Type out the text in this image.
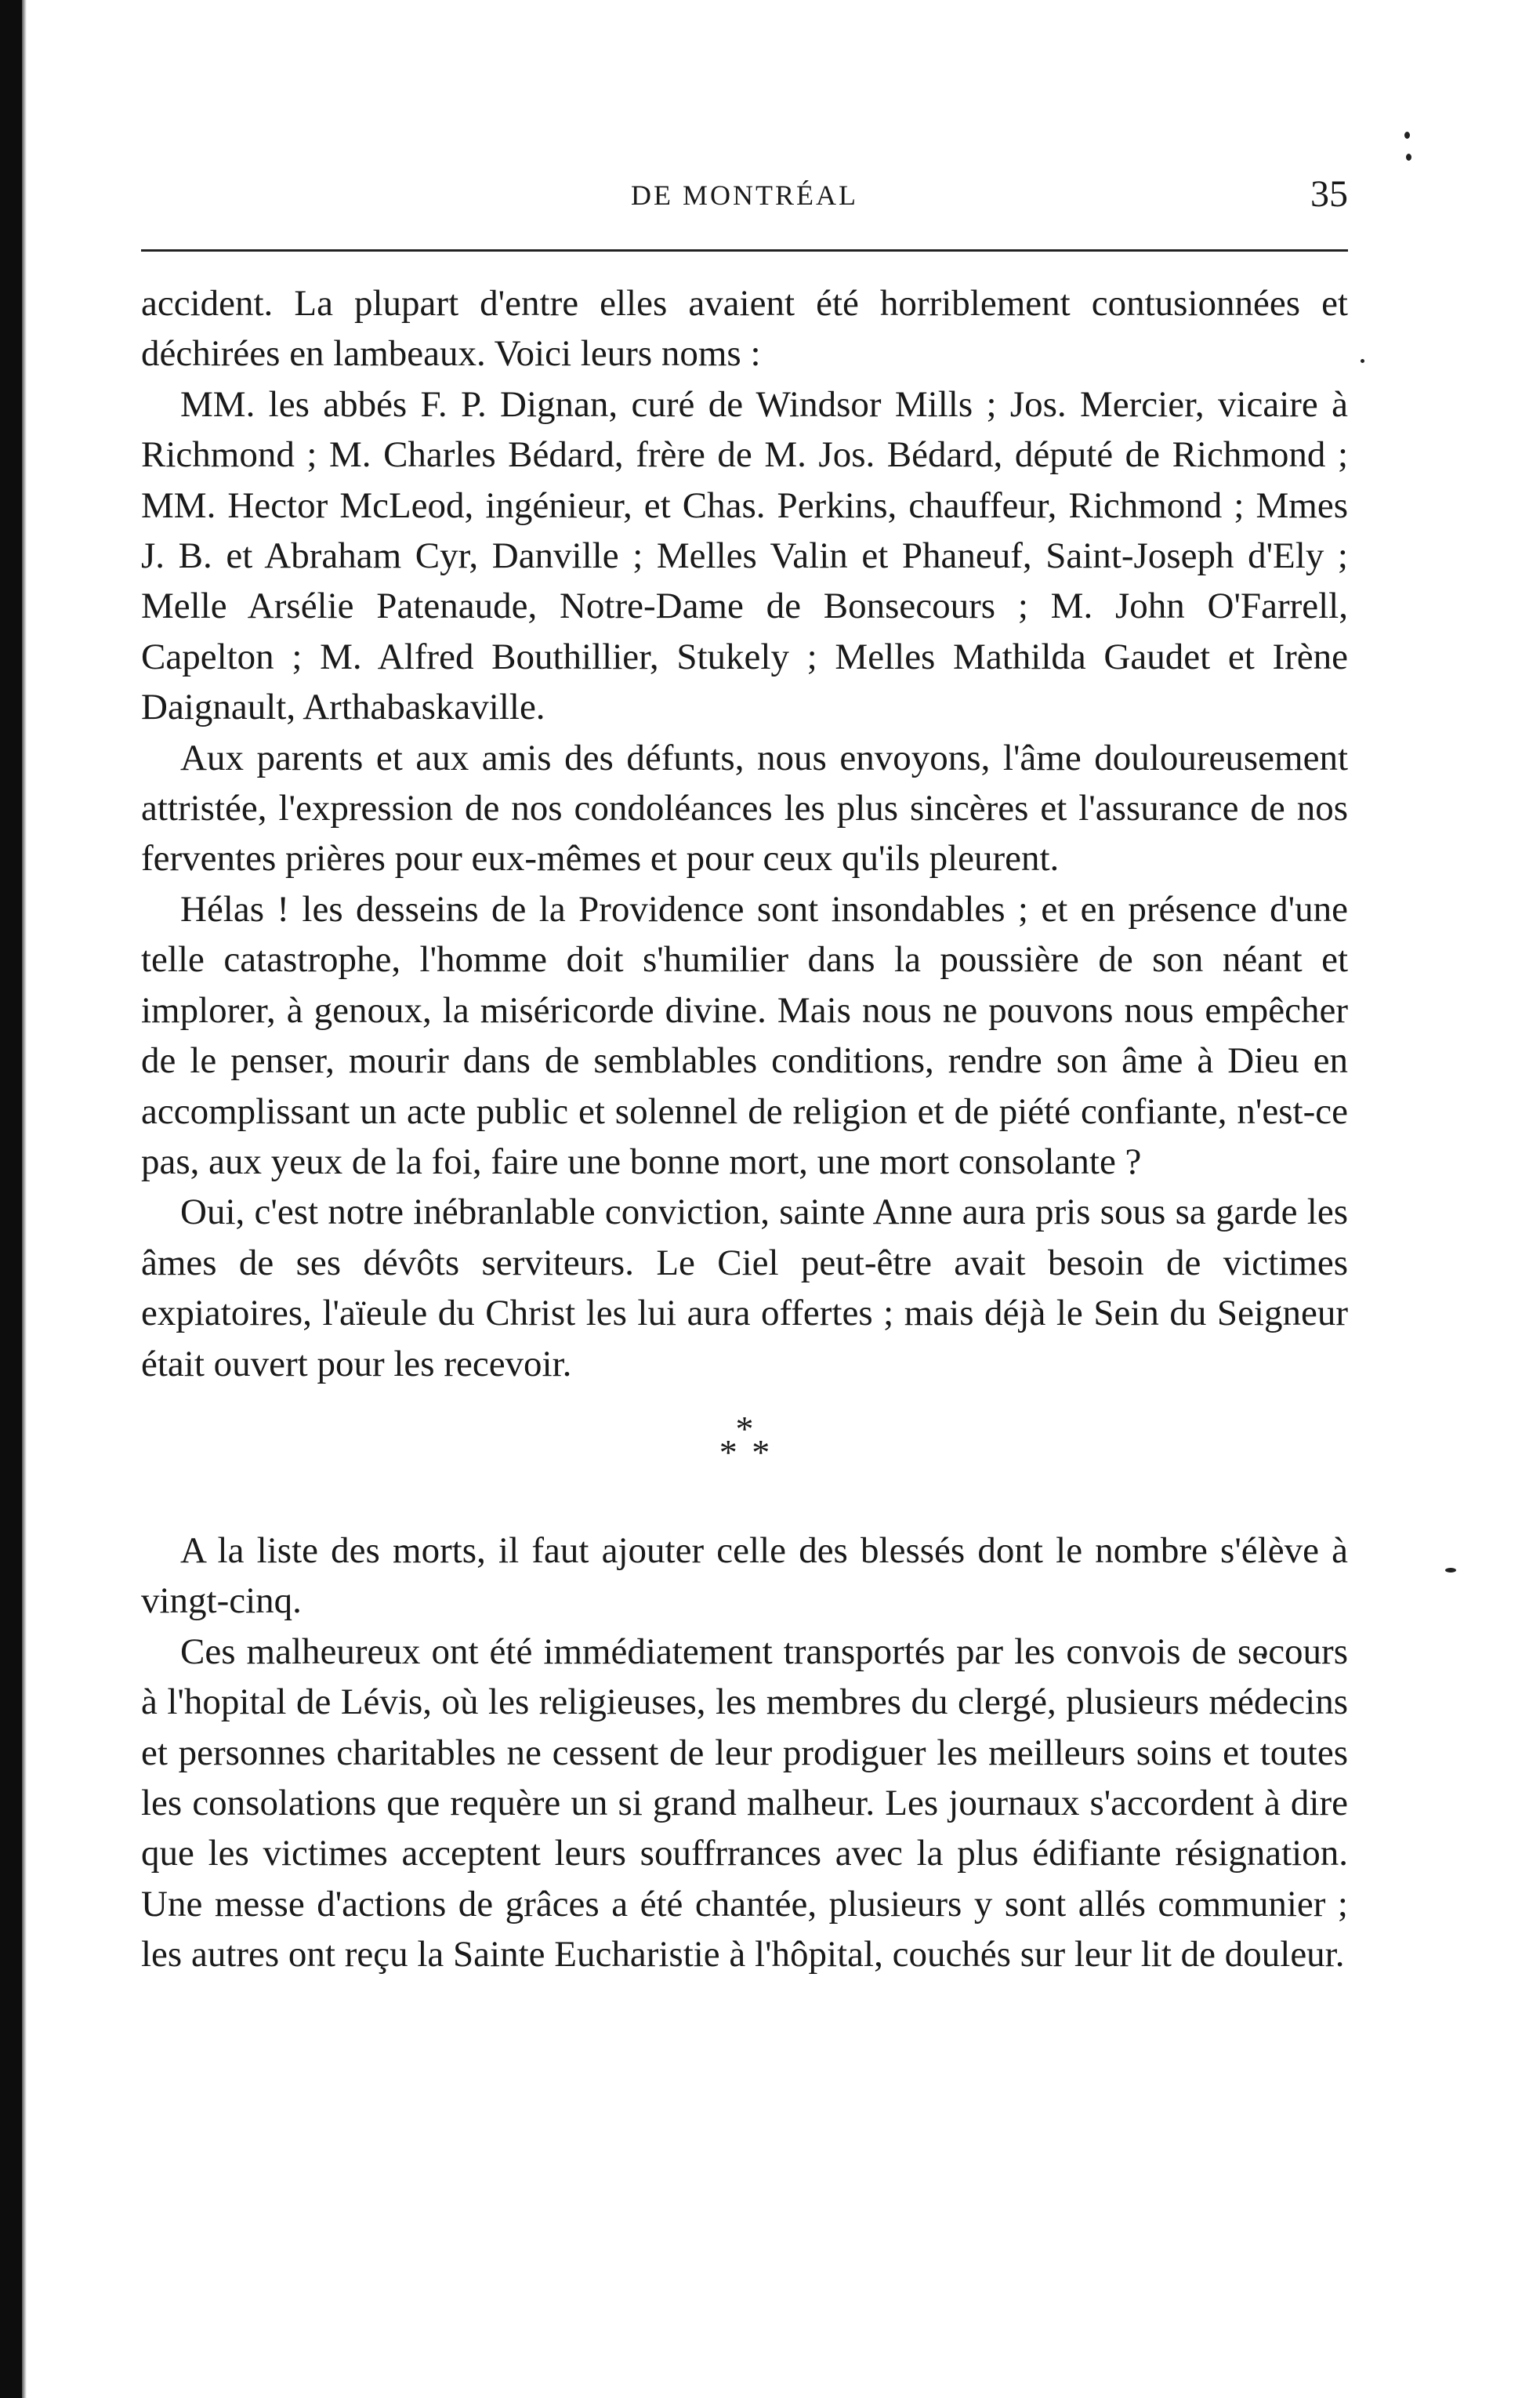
DE MONTRÉAL	35

accident. La plupart d'entre elles avaient été horriblement contusionnées et déchirées en lambeaux. Voici leurs noms :

MM. les abbés F. P. Dignan, curé de Windsor Mills ; Jos. Mercier, vicaire à Richmond ; M. Charles Bédard, frère de M. Jos. Bédard, député de Richmond ; MM. Hector McLeod, ingénieur, et Chas. Perkins, chauffeur, Richmond ; Mmes J. B. et Abraham Cyr, Danville ; Melles Valin et Phaneuf, Saint-Joseph d'Ely ; Melle Arsélie Patenaude, Notre-Dame de Bonsecours ; M. John O'Farrell, Capelton ; M. Alfred Bouthillier, Stukely ; Melles Mathilda Gaudet et Irène Daignault, Arthabaskaville.

Aux parents et aux amis des défunts, nous envoyons, l'âme douloureusement attristée, l'expression de nos condoléances les plus sincères et l'assurance de nos ferventes prières pour eux-mêmes et pour ceux qu'ils pleurent.

Hélas ! les desseins de la Providence sont insondables ; et en présence d'une telle catastrophe, l'homme doit s'humilier dans la poussière de son néant et implorer, à genoux, la miséricorde divine. Mais nous ne pouvons nous empêcher de le penser, mourir dans de semblables conditions, rendre son âme à Dieu en accomplissant un acte public et solennel de religion et de piété confiante, n'est-ce pas, aux yeux de la foi, faire une bonne mort, une mort consolante ?

Oui, c'est notre inébranlable conviction, sainte Anne aura pris sous sa garde les âmes de ses dévôts serviteurs. Le Ciel peut-être avait besoin de victimes expiatoires, l'aïeule du Christ les lui aura offertes ; mais déjà le Sein du Seigneur était ouvert pour les recevoir.

*
* *

A la liste des morts, il faut ajouter celle des blessés dont le nombre s'élève à vingt-cinq.

Ces malheureux ont été immédiatement transportés par les convois de secours à l'hopital de Lévis, où les religieuses, les membres du clergé, plusieurs médecins et personnes charitables ne cessent de leur prodiguer les meilleurs soins et toutes les consolations que requère un si grand malheur. Les journaux s'accordent à dire que les victimes acceptent leurs souffrrances avec la plus édifiante résignation. Une messe d'actions de grâces a été chantée, plusieurs y sont allés communier ; les autres ont reçu la Sainte Eucharistie à l'hôpital, couchés sur leur lit de douleur.
